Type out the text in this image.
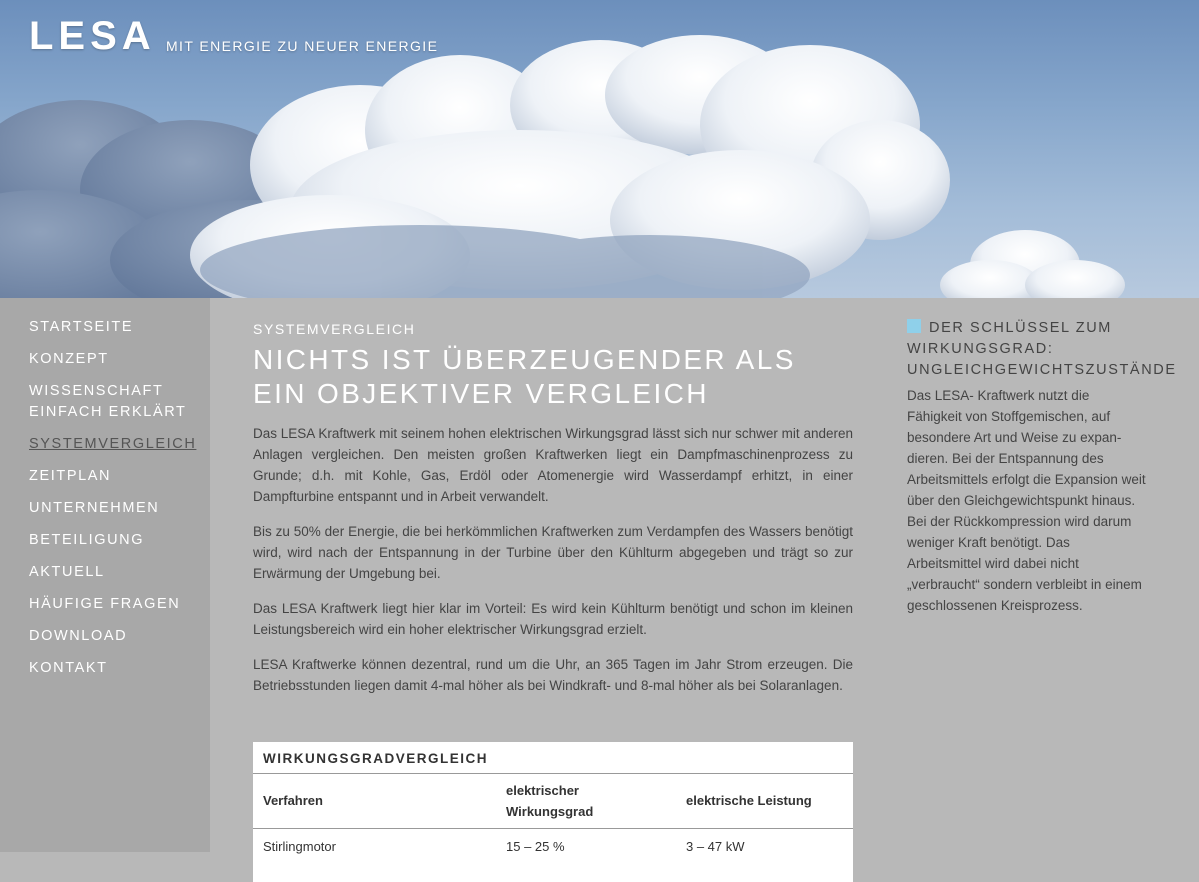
LESA MIT ENERGIE ZU NEUER ENERGIE

STARTSEITE
KONZEPT
WISSENSCHAFT EINFACH ERKLÄRT
SYSTEMVERGLEICH
ZEITPLAN
UNTERNEHMEN
BETEILIGUNG
AKTUELL
HÄUFIGE FRAGEN
DOWNLOAD
KONTAKT

SYSTEMVERGLEICH

NICHTS IST ÜBERZEUGENDER ALS EIN OBJEKTIVER VERGLEICH

Das LESA Kraftwerk mit seinem hohen elektrischen Wirkungsgrad lässt sich nur schwer mit anderen Anlagen vergleichen. Den meisten großen Kraftwerken liegt ein Dampfmaschinenprozess zu Grunde; d.h. mit Kohle, Gas, Erdöl oder Atomenergie wird Wasserdampf erhitzt, in einer Dampfturbine entspannt und in Arbeit verwandelt.

Bis zu 50% der Energie, die bei herkömmlichen Kraftwerken zum Verdampfen des Wassers benötigt wird, wird nach der Entspannung in der Turbine über den Kühlturm abgegeben und trägt so zur Erwärmung der Umgebung bei.

Das LESA Kraftwerk liegt hier klar im Vorteil: Es wird kein Kühlturm benötigt und schon im kleinen Leistungsbereich wird ein hoher elektrischer Wirkungsgrad erzielt.

LESA Kraftwerke können dezentral, rund um die Uhr, an 365 Tagen im Jahr Strom erzeugen. Die Betriebsstunden liegen damit 4-mal höher als bei Windkraft- und 8-mal höher als bei Solaranlagen.

WIRKUNGSGRADVERGLEICH
Verfahren
elektrischer Wirkungsgrad
elektrische Leistung
Stirlingmotor	15 – 25 %	3 – 47 kW
DER SCHLÜSSEL ZUM WIRKUNGSGRAD: UNGLEICHGEWICHTSZUSTÄNDE

Das LESA- Kraftwerk nutzt die Fähigkeit von Stoffgemischen, auf besondere Art und Weise zu expandieren. Bei der Entspannung des Arbeitsmittels erfolgt die Expansion weit über den Gleichgewichtspunkt hinaus. Bei der Rückkompression wird darum weniger Kraft benötigt. Das Arbeitsmittel wird dabei nicht „verbraucht“ sondern verbleibt in einem geschlossenen Kreisprozess.
